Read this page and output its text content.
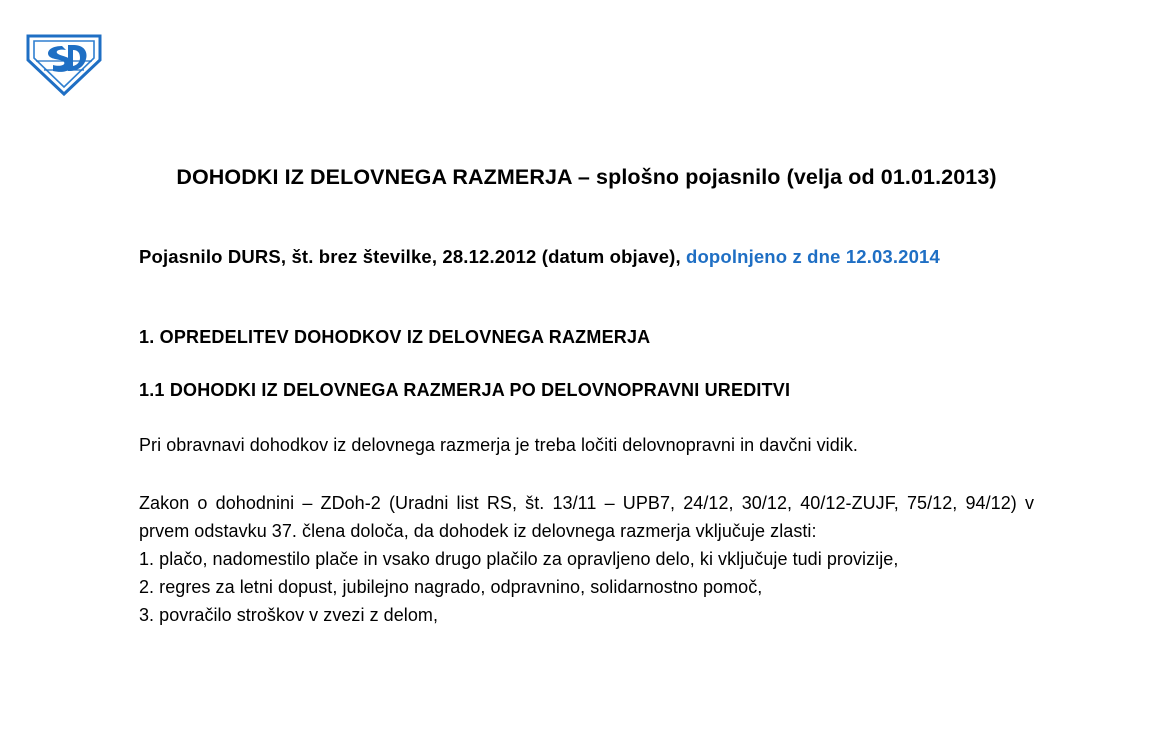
DOHODKI IZ DELOVNEGA RAZMERJA – splošno pojasnilo (velja od 01.01.2013)

Pojasnilo DURS, št. brez številke, 28.12.2012 (datum objave), dopolnjeno z dne 12.03.2014

1. OPREDELITEV DOHODKOV IZ DELOVNEGA RAZMERJA

1.1 DOHODKI IZ DELOVNEGA RAZMERJA PO DELOVNOPRAVNI UREDITVI

Pri obravnavi dohodkov iz delovnega razmerja je treba ločiti delovnopravni in davčni vidik.

Zakon o dohodnini – ZDoh-2 (Uradni list RS, št. 13/11 – UPB7, 24/12, 30/12, 40/12-ZUJF, 75/12, 94/12) v prvem odstavku 37. člena določa, da dohodek iz delovnega razmerja vključuje zlasti:

1. plačo, nadomestilo plače in vsako drugo plačilo za opravljeno delo, ki vključuje tudi provizije,

2. regres za letni dopust, jubilejno nagrado, odpravnino, solidarnostno pomoč,

3. povračilo stroškov v zvezi z delom,
